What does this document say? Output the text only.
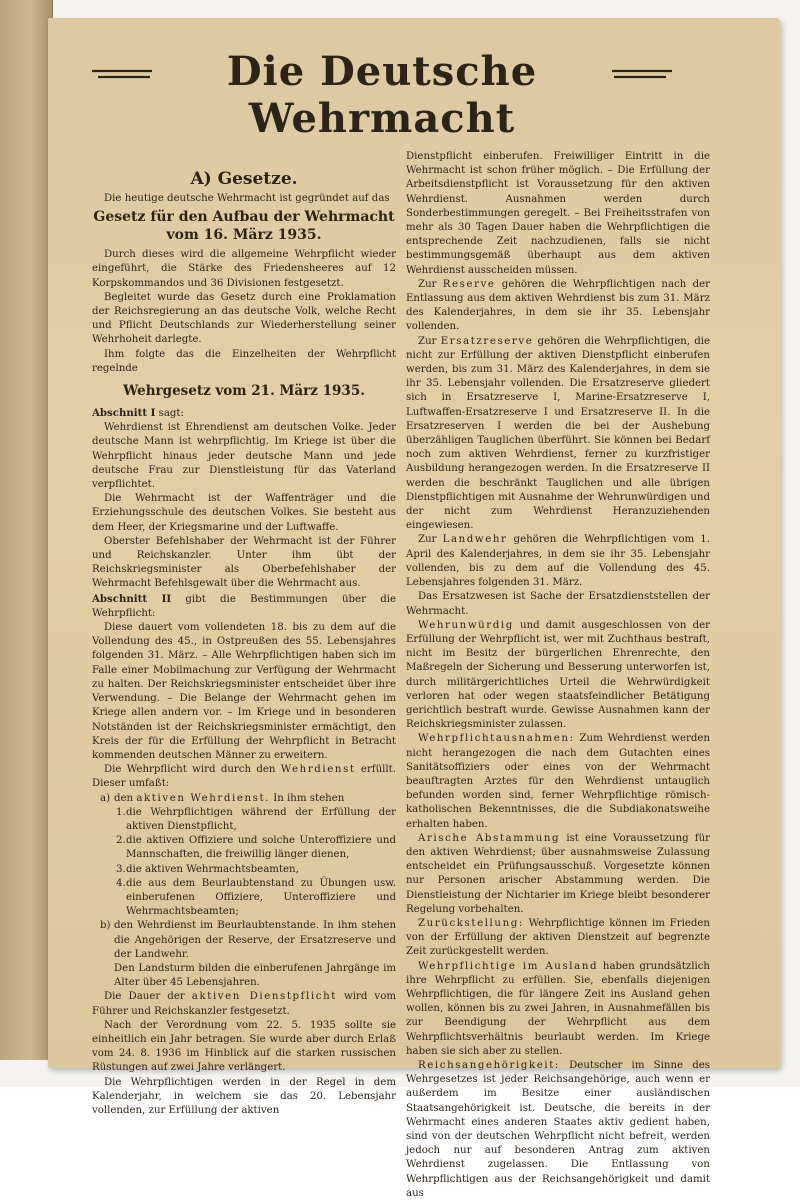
Die Deutsche Wehrmacht
A) Gesetze.

Die heutige deutsche Wehrmacht ist gegründet auf das

Gesetz für den Aufbau der Wehrmacht
vom 16. März 1935.

Durch dieses wird die allgemeine Wehrpflicht wieder eingeführt, die Stärke des Friedensheeres auf 12 Korpskommandos und 36 Divisionen festgesetzt.

Begleitet wurde das Gesetz durch eine Proklamation der Reichsregierung an das deutsche Volk, welche Recht und Pflicht Deutschlands zur Wiederherstellung seiner Wehrhoheit darlegte.

Ihm folgte das die Einzelheiten der Wehrpflicht regelnde

Wehrgesetz vom 21. März 1935.

Abschnitt I sagt:

Wehrdienst ist Ehrendienst am deutschen Volke. Jeder deutsche Mann ist wehrpflichtig. Im Kriege ist über die Wehrpflicht hinaus jeder deutsche Mann und jede deutsche Frau zur Dienstleistung für das Vaterland verpflichtet.

Die Wehrmacht ist der Waffenträger und die Erziehungsschule des deutschen Volkes. Sie besteht aus dem Heer, der Kriegsmarine und der Luftwaffe.

Oberster Befehlshaber der Wehrmacht ist der Führer und Reichskanzler. Unter ihm übt der Reichskriegsminister als Oberbefehlshaber der Wehrmacht Befehlsgewalt über die Wehrmacht aus.

Abschnitt II gibt die Bestimmungen über die Wehrpflicht:

Diese dauert vom vollendeten 18. bis zu dem auf die Vollendung des 45., in Ostpreußen des 55. Lebensjahres folgenden 31. März. – Alle Wehrpflichtigen haben sich im Falle einer Mobilmachung zur Verfügung der Wehrmacht zu halten. Der Reichskriegsminister entscheidet über ihre Verwendung. – Die Belange der Wehrmacht gehen im Kriege allen andern vor. – Im Kriege und in besonderen Notständen ist der Reichskriegsminister ermächtigt, den Kreis der für die Erfüllung der Wehrpflicht in Betracht kommenden deutschen Männer zu erweitern.

Die Wehrpflicht wird durch den Wehrdienst erfüllt. Dieser umfaßt:

a) den aktiven Wehrdienst. In ihm stehen

1. die Wehrpflichtigen während der Erfüllung der aktiven Dienstpflicht,

2. die aktiven Offiziere und solche Unteroffiziere und Mannschaften, die freiwillig länger dienen,

3. die aktiven Wehrmachtsbeamten,

4. die aus dem Beurlaubtenstand zu Übungen usw. einberufenen Offiziere, Unteroffiziere und Wehrmachtsbeamten;

b) den Wehrdienst im Beurlaubtenstande. In ihm stehen die Angehörigen der Reserve, der Ersatzreserve und der Landwehr.

Den Landsturm bilden die einberufenen Jahrgänge im Alter über 45 Lebensjahren.

Die Dauer der aktiven Dienstpflicht wird vom Führer und Reichskanzler festgesetzt.

Nach der Verordnung vom 22. 5. 1935 sollte sie einheitlich ein Jahr betragen. Sie wurde aber durch Erlaß vom 24. 8. 1936 im Hinblick auf die starken russischen Rüstungen auf zwei Jahre verlängert.

Die Wehrpflichtigen werden in der Regel in dem Kalenderjahr, in welchem sie das 20. Lebensjahr vollenden, zur Erfüllung der aktiven

Dienstpflicht einberufen. Freiwilliger Eintritt in die Wehrmacht ist schon früher möglich. – Die Erfüllung der Arbeitsdienstpflicht ist Voraussetzung für den aktiven Wehrdienst. Ausnahmen werden durch Sonderbestimmungen geregelt. – Bei Freiheitsstrafen von mehr als 30 Tagen Dauer haben die Wehrpflichtigen die entsprechende Zeit nachzudienen, falls sie nicht bestimmungsgemäß überhaupt aus dem aktiven Wehrdienst ausscheiden müssen.

Zur Reserve gehören die Wehrpflichtigen nach der Entlassung aus dem aktiven Wehrdienst bis zum 31. März des Kalenderjahres, in dem sie ihr 35. Lebensjahr vollenden.

Zur Ersatzreserve gehören die Wehrpflichtigen, die nicht zur Erfüllung der aktiven Dienstpflicht einberufen werden, bis zum 31. März des Kalenderjahres, in dem sie ihr 35. Lebensjahr vollenden. Die Ersatzreserve gliedert sich in Ersatzreserve I, Marine-Ersatzreserve I, Luftwaffen-Ersatzreserve I und Ersatzreserve II. In die Ersatzreserven I werden die bei der Aushebung überzähligen Tauglichen überführt. Sie können bei Bedarf noch zum aktiven Wehrdienst, ferner zu kurzfristiger Ausbildung herangezogen werden. In die Ersatzreserve II werden die beschränkt Tauglichen und alle übrigen Dienstpflichtigen mit Ausnahme der Wehrunwürdigen und der nicht zum Wehrdienst Heranzuziehenden eingewiesen.

Zur Landwehr gehören die Wehrpflichtigen vom 1. April des Kalenderjahres, in dem sie ihr 35. Lebensjahr vollenden, bis zu dem auf die Vollendung des 45. Lebensjahres folgenden 31. März.

Das Ersatzwesen ist Sache der Ersatzdienststellen der Wehrmacht.

Wehrunwürdig und damit ausgeschlossen von der Erfüllung der Wehrpflicht ist, wer mit Zuchthaus bestraft, nicht im Besitz der bürgerlichen Ehrenrechte, den Maßregeln der Sicherung und Besserung unterworfen ist, durch militärgerichtliches Urteil die Wehrwürdigkeit verloren hat oder wegen staatsfeindlicher Betätigung gerichtlich bestraft wurde. Gewisse Ausnahmen kann der Reichskriegsminister zulassen.

Wehrpflichtausnahmen: Zum Wehrdienst werden nicht herangezogen die nach dem Gutachten eines Sanitätsoffiziers oder eines von der Wehrmacht beauftragten Arztes für den Wehrdienst untauglich befunden worden sind, ferner Wehrpflichtige römisch-katholischen Bekenntnisses, die die Subdiakonatsweihe erhalten haben.

Arische Abstammung ist eine Voraussetzung für den aktiven Wehrdienst; über ausnahmsweise Zulassung entscheidet ein Prüfungsausschuß. Vorgesetzte können nur Personen arischer Abstammung werden. Die Dienstleistung der Nichtarier im Kriege bleibt besonderer Regelung vorbehalten.

Zurückstellung: Wehrpflichtige können im Frieden von der Erfüllung der aktiven Dienstzeit auf begrenzte Zeit zurückgestellt werden.

Wehrpflichtige im Ausland haben grundsätzlich ihre Wehrpflicht zu erfüllen. Sie, ebenfalls diejenigen Wehrpflichtigen, die für längere Zeit ins Ausland gehen wollen, können bis zu zwei Jahren, in Ausnahmefällen bis zur Beendigung der Wehrpflicht aus dem Wehrpflichtsverhältnis beurlaubt werden. Im Kriege haben sie sich aber zu stellen.

Reichsangehörigkeit: Deutscher im Sinne des Wehrgesetzes ist jeder Reichsangehörige, auch wenn er außerdem im Besitze einer ausländischen Staatsangehörigkeit ist. Deutsche, die bereits in der Wehrmacht eines anderen Staates aktiv gedient haben, sind von der deutschen Wehrpflicht nicht befreit, werden jedoch nur auf besonderen Antrag zum aktiven Wehrdienst zugelassen. Die Entlassung von Wehrpflichtigen aus der Reichsangehörigkeit und damit aus
